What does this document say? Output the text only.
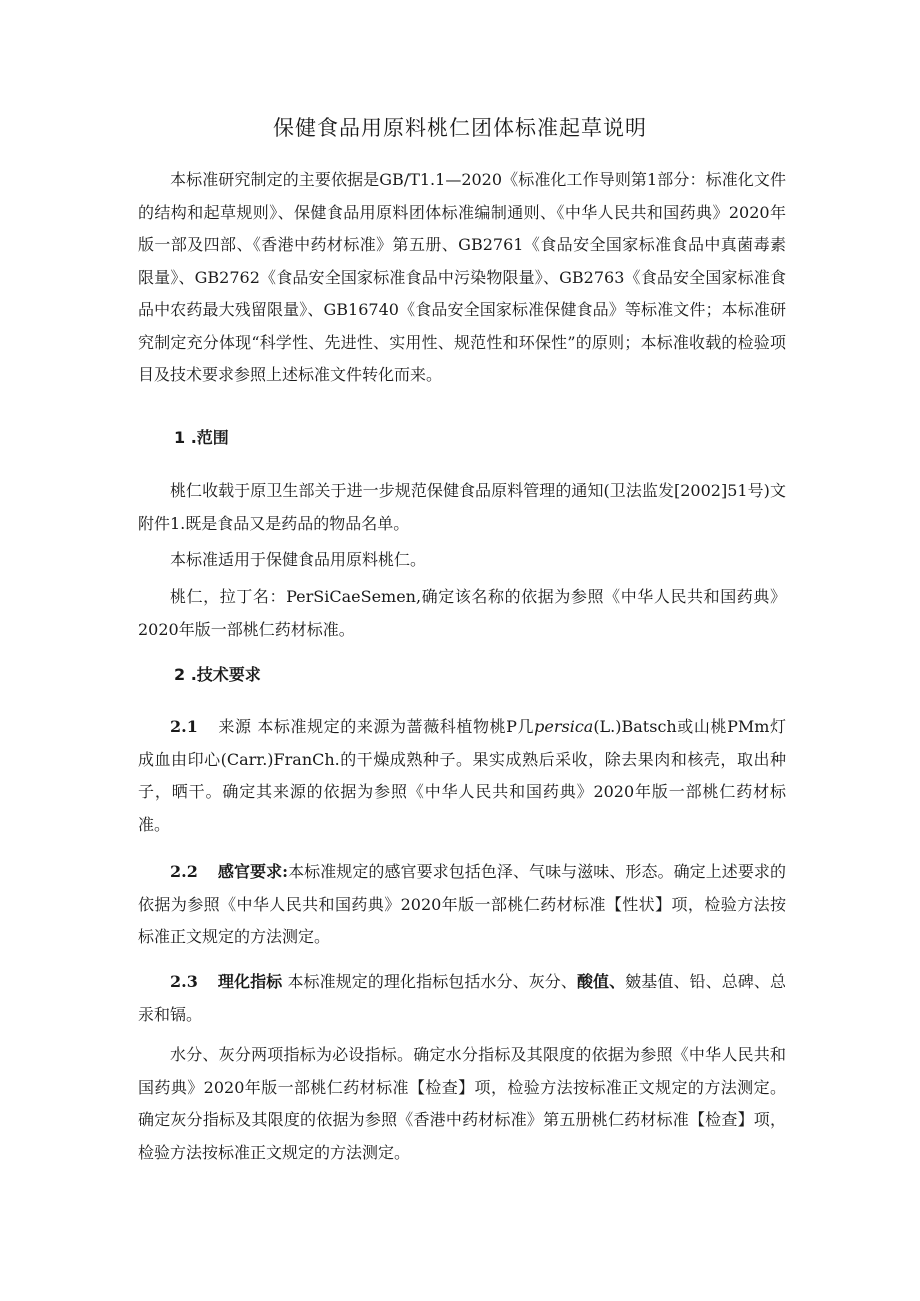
保健食品用原料桃仁团体标准起草说明

本标准研究制定的主要依据是GB/T1.1—2020《标准化工作导则第1部分：标准化文件的结构和起草规则》、保健食品用原料团体标准编制通则、《中华人民共和国药典》2020年版一部及四部、《香港中药材标准》第五册、GB2761《食品安全国家标准食品中真菌毒素限量》、GB2762《食品安全国家标准食品中污染物限量》、GB2763《食品安全国家标准食品中农药最大残留限量》、GB16740《食品安全国家标准保健食品》等标准文件；本标准研究制定充分体现“科学性、先进性、实用性、规范性和环保性”的原则；本标准收载的检验项目及技术要求参照上述标准文件转化而来。

1 .范围

桃仁收载于原卫生部关于进一步规范保健食品原料管理的通知(卫法监发[2002]51号)文附件1.既是食品又是药品的物品名单。

本标准适用于保健食品用原料桃仁。

桃仁，拉丁名：PerSiCaeSemen,确定该名称的依据为参照《中华人民共和国药典》2020年版一部桃仁药材标准。

2 .技术要求

2.1 来源 本标准规定的来源为蔷薇科植物桃P几persica(L.)Batsch或山桃PMm灯成血由印心(Carr.)FranCh.的干燥成熟种子。果实成熟后采收，除去果肉和核壳，取出种子，晒干。确定其来源的依据为参照《中华人民共和国药典》2020年版一部桃仁药材标准。

2.2 感官要求:本标准规定的感官要求包括色泽、气味与滋味、形态。确定上述要求的依据为参照《中华人民共和国药典》2020年版一部桃仁药材标准【性状】项，检验方法按标准正文规定的方法测定。

2.3 理化指标 本标准规定的理化指标包括水分、灰分、酸值、皴基值、铅、总碑、总汞和镉。

水分、灰分两项指标为必设指标。确定水分指标及其限度的依据为参照《中华人民共和国药典》2020年版一部桃仁药材标准【检查】项，检验方法按标准正文规定的方法测定。确定灰分指标及其限度的依据为参照《香港中药材标准》第五册桃仁药材标准【检查】项，检验方法按标准正文规定的方法测定。
